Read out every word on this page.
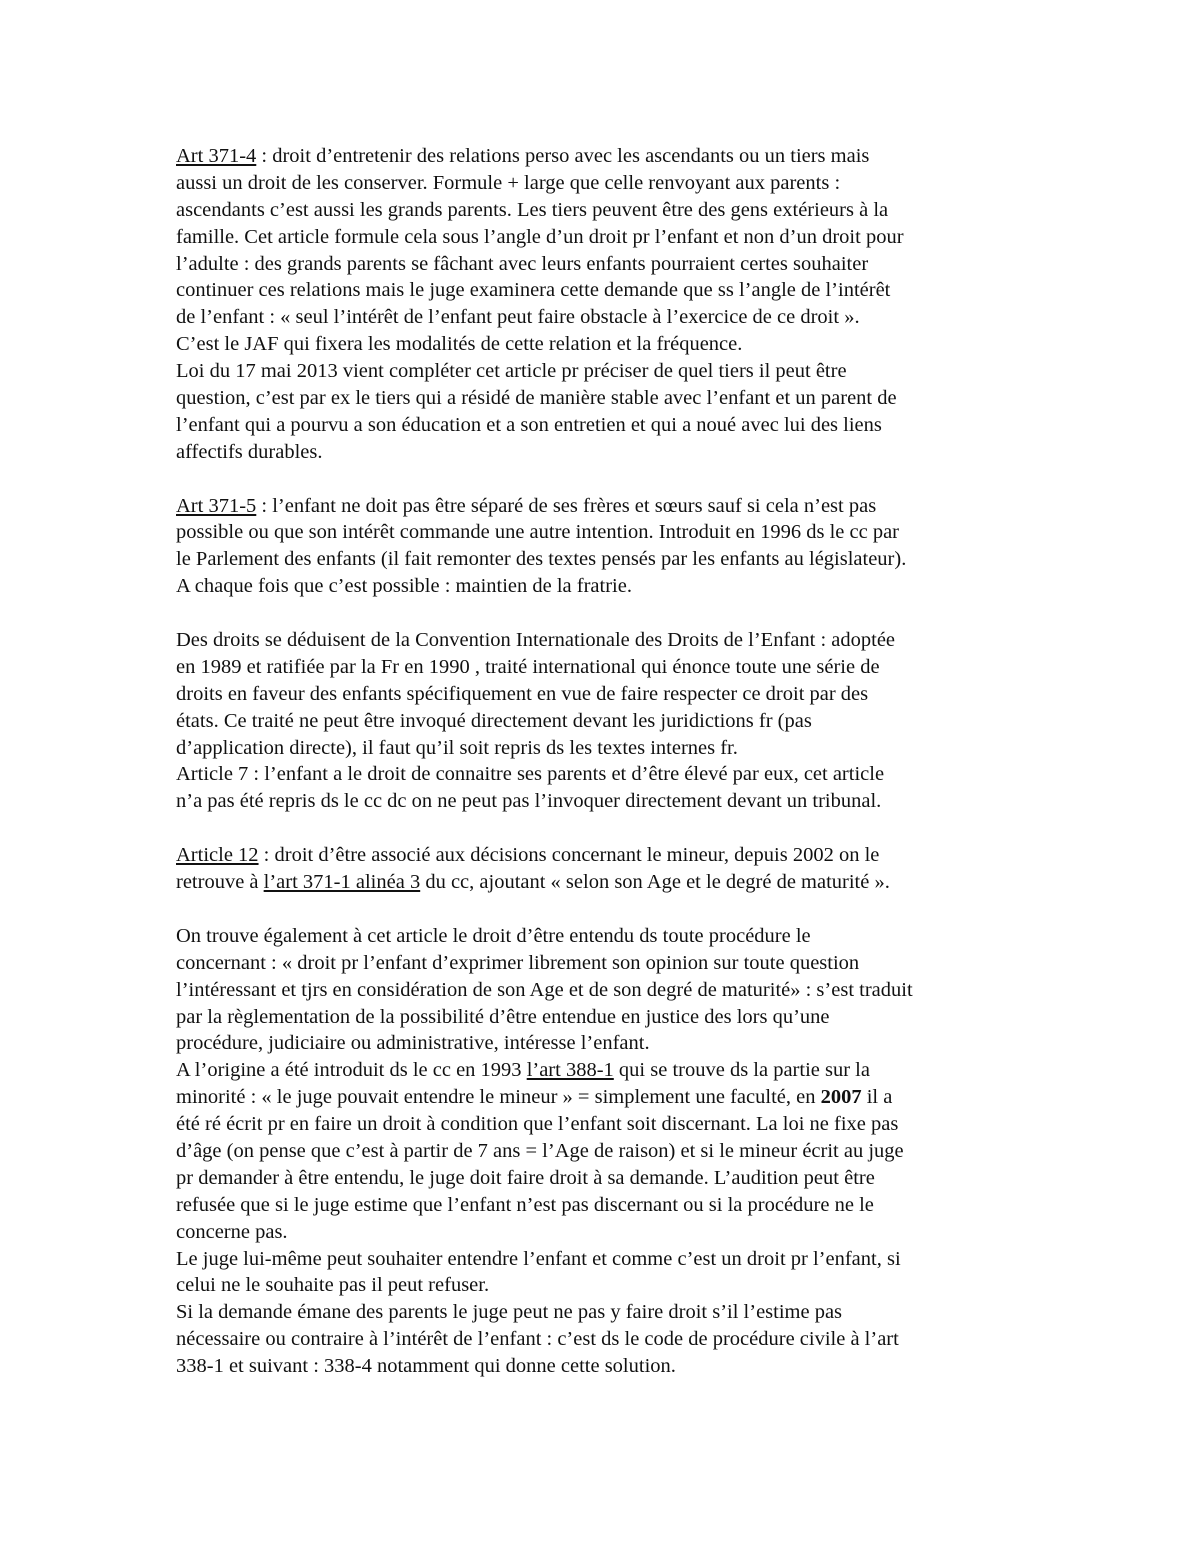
Art 371-4 : droit d’entretenir des relations perso avec les ascendants ou un tiers mais
aussi un droit de les conserver. Formule + large que celle renvoyant aux parents :
ascendants c’est aussi les grands parents. Les tiers peuvent être des gens extérieurs à la
famille. Cet article formule cela sous l’angle d’un droit pr l’enfant et non d’un droit pour
l’adulte : des grands parents se fâchant avec leurs enfants pourraient certes souhaiter
continuer ces relations mais le juge examinera cette demande que ss l’angle de l’intérêt
de l’enfant : « seul l’intérêt de l’enfant peut faire obstacle à l’exercice de ce droit ».
C’est le JAF qui fixera les modalités de cette relation et la fréquence.
Loi du 17 mai 2013 vient compléter cet article pr préciser de quel tiers il peut être
question, c’est par ex le tiers qui a résidé de manière stable avec l’enfant et un parent de
l’enfant qui a pourvu a son éducation et a son entretien et qui a noué avec lui des liens
affectifs durables.
Art 371-5 : l’enfant ne doit pas être séparé de ses frères et sœurs sauf si cela n’est pas
possible ou que son intérêt commande une autre intention. Introduit en 1996 ds le cc par
le Parlement des enfants (il fait remonter des textes pensés par les enfants au législateur).
A chaque fois que c’est possible : maintien de la fratrie.
Des droits se déduisent de la Convention Internationale des Droits de l’Enfant : adoptée
en 1989 et ratifiée par la Fr en 1990 , traité international qui énonce toute une série de
droits en faveur des enfants spécifiquement en vue de faire respecter ce droit par des
états. Ce traité ne peut être invoqué directement devant les juridictions fr (pas
d’application directe), il faut qu’il soit repris ds les textes internes fr.
Article 7 : l’enfant a le droit de connaitre ses parents et d’être élevé par eux, cet article
n’a pas été repris ds le cc dc on ne peut pas l’invoquer directement devant un tribunal.
Article 12 : droit d’être associé aux décisions concernant le mineur, depuis 2002 on le
retrouve à l’art 371-1 alinéa 3 du cc, ajoutant « selon son Age et le degré de maturité ».
On trouve également à cet article le droit d’être entendu ds toute procédure le
concernant : « droit pr l’enfant d’exprimer librement son opinion sur toute question
l’intéressant et tjrs en considération de son Age et de son degré de maturité» : s’est traduit
par la règlementation de la possibilité d’être entendue en justice des lors qu’une
procédure, judiciaire ou administrative, intéresse l’enfant.
A l’origine a été introduit ds le cc en 1993 l’art 388-1 qui se trouve ds la partie sur la
minorité : « le juge pouvait entendre le mineur » = simplement une faculté, en 2007 il a
été ré écrit pr en faire un droit à condition que l’enfant soit discernant. La loi ne fixe pas
d’âge (on pense que c’est à partir de 7 ans = l’Age de raison) et si le mineur écrit au juge
pr demander à être entendu, le juge doit faire droit à sa demande. L’audition peut être
refusée que si le juge estime que l’enfant n’est pas discernant ou si la procédure ne le
concerne pas.
Le juge lui-même peut souhaiter entendre l’enfant et comme c’est un droit pr l’enfant, si
celui ne le souhaite pas il peut refuser.
Si la demande émane des parents le juge peut ne pas y faire droit s’il l’estime pas
nécessaire ou contraire à l’intérêt de l’enfant : c’est ds le code de procédure civile à l’art
338-1 et suivant : 338-4 notamment qui donne cette solution.
